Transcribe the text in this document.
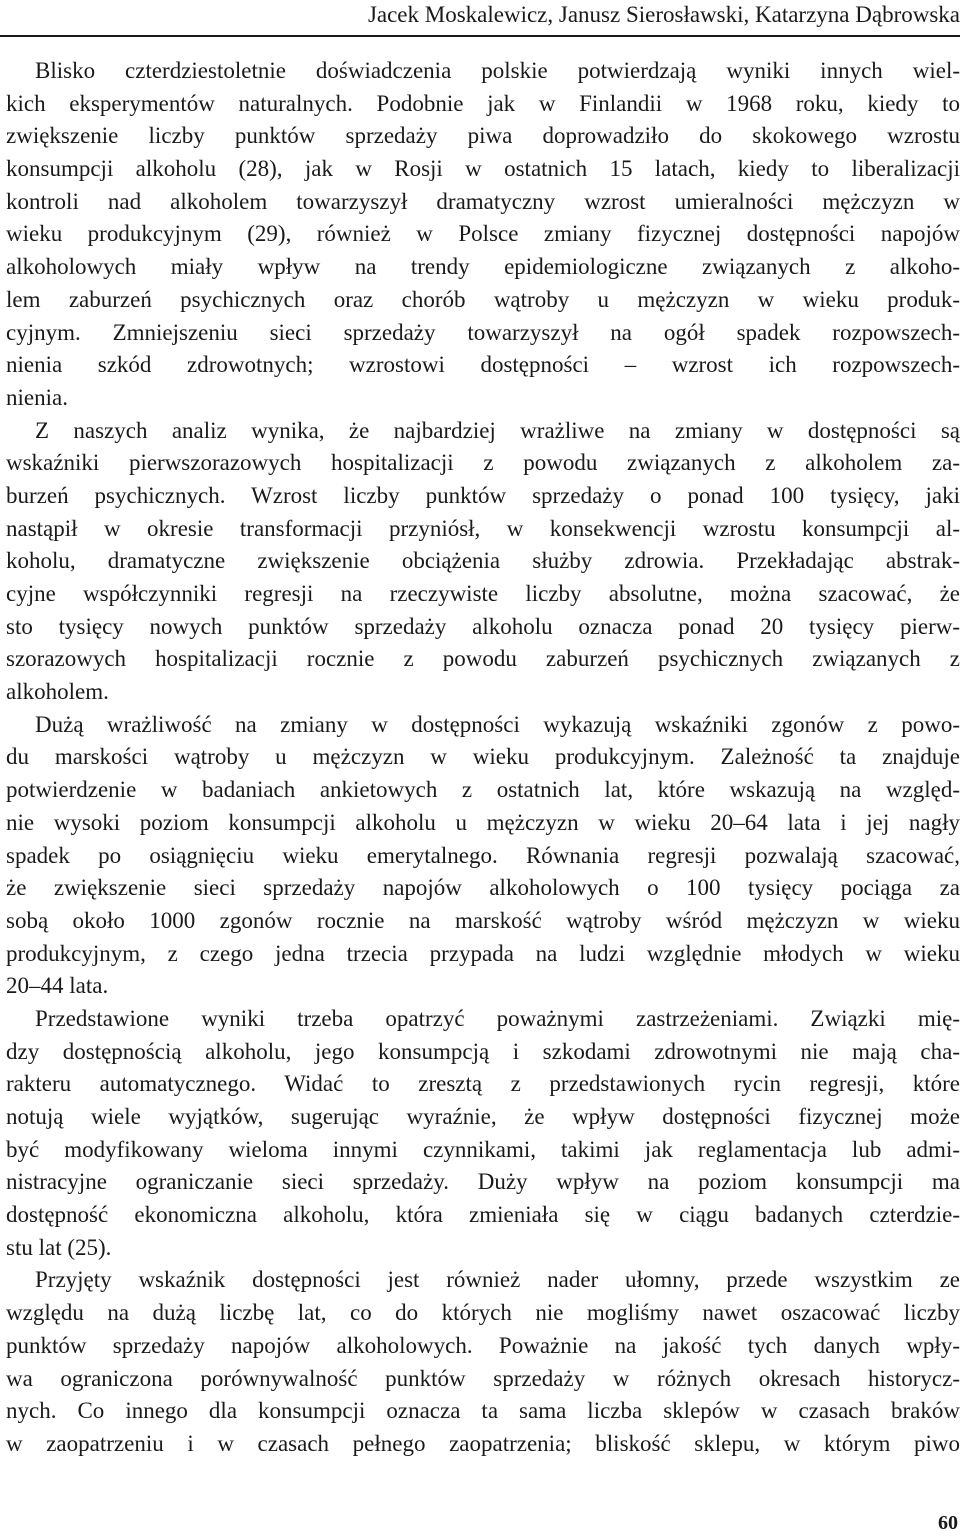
Jacek Moskalewicz, Janusz Sierosławski, Katarzyna Dąbrowska
Blisko czterdziestoletnie doświadczenia polskie potwierdzają wyniki innych wiel-
kich eksperymentów naturalnych. Podobnie jak w Finlandii w 1968 roku, kiedy to
zwiększenie liczby punktów sprzedaży piwa doprowadziło do skokowego wzrostu
konsumpcji alkoholu (28), jak w Rosji w ostatnich 15 latach, kiedy to liberalizacji
kontroli nad alkoholem towarzyszył dramatyczny wzrost umieralności mężczyzn w
wieku produkcyjnym (29), również w Polsce zmiany fizycznej dostępności napojów
alkoholowych miały wpływ na trendy epidemiologiczne związanych z alkoho-
lem zaburzeń psychicznych oraz chorób wątroby u mężczyzn w wieku produk-
cyjnym. Zmniejszeniu sieci sprzedaży towarzyszył na ogół spadek rozpowszech-
nienia szkód zdrowotnych; wzrostowi dostępności – wzrost ich rozpowszech-
nienia.
Z naszych analiz wynika, że najbardziej wrażliwe na zmiany w dostępności są
wskaźniki pierwszorazowych hospitalizacji z powodu związanych z alkoholem za-
burzeń psychicznych. Wzrost liczby punktów sprzedaży o ponad 100 tysięcy, jaki
nastąpił w okresie transformacji przyniósł, w konsekwencji wzrostu konsumpcji al-
koholu, dramatyczne zwiększenie obciążenia służby zdrowia. Przekładając abstrak-
cyjne współczynniki regresji na rzeczywiste liczby absolutne, można szacować, że
sto tysięcy nowych punktów sprzedaży alkoholu oznacza ponad 20 tysięcy pierw-
szorazowych hospitalizacji rocznie z powodu zaburzeń psychicznych związanych z
alkoholem.
Dużą wrażliwość na zmiany w dostępności wykazują wskaźniki zgonów z powo-
du marskości wątroby u mężczyzn w wieku produkcyjnym. Zależność ta znajduje
potwierdzenie w badaniach ankietowych z ostatnich lat, które wskazują na względ-
nie wysoki poziom konsumpcji alkoholu u mężczyzn w wieku 20–64 lata i jej nagły
spadek po osiągnięciu wieku emerytalnego. Równania regresji pozwalają szacować,
że zwiększenie sieci sprzedaży napojów alkoholowych o 100 tysięcy pociąga za
sobą około 1000 zgonów rocznie na marskość wątroby wśród mężczyzn w wieku
produkcyjnym, z czego jedna trzecia przypada na ludzi względnie młodych w wieku
20–44 lata.
Przedstawione wyniki trzeba opatrzyć poważnymi zastrzeżeniami. Związki mię-
dzy dostępnością alkoholu, jego konsumpcją i szkodami zdrowotnymi nie mają cha-
rakteru automatycznego. Widać to zresztą z przedstawionych rycin regresji, które
notują wiele wyjątków, sugerując wyraźnie, że wpływ dostępności fizycznej może
być modyfikowany wieloma innymi czynnikami, takimi jak reglamentacja lub admi-
nistracyjne ograniczanie sieci sprzedaży. Duży wpływ na poziom konsumpcji ma
dostępność ekonomiczna alkoholu, która zmieniała się w ciągu badanych czterdzie-
stu lat (25).
Przyjęty wskaźnik dostępności jest również nader ułomny, przede wszystkim ze
względu na dużą liczbę lat, co do których nie mogliśmy nawet oszacować liczby
punktów sprzedaży napojów alkoholowych. Poważnie na jakość tych danych wpły-
wa ograniczona porównywalność punktów sprzedaży w różnych okresach historycz-
nych. Co innego dla konsumpcji oznacza ta sama liczba sklepów w czasach braków
w zaopatrzeniu i w czasach pełnego zaopatrzenia; bliskość sklepu, w którym piwo
60
